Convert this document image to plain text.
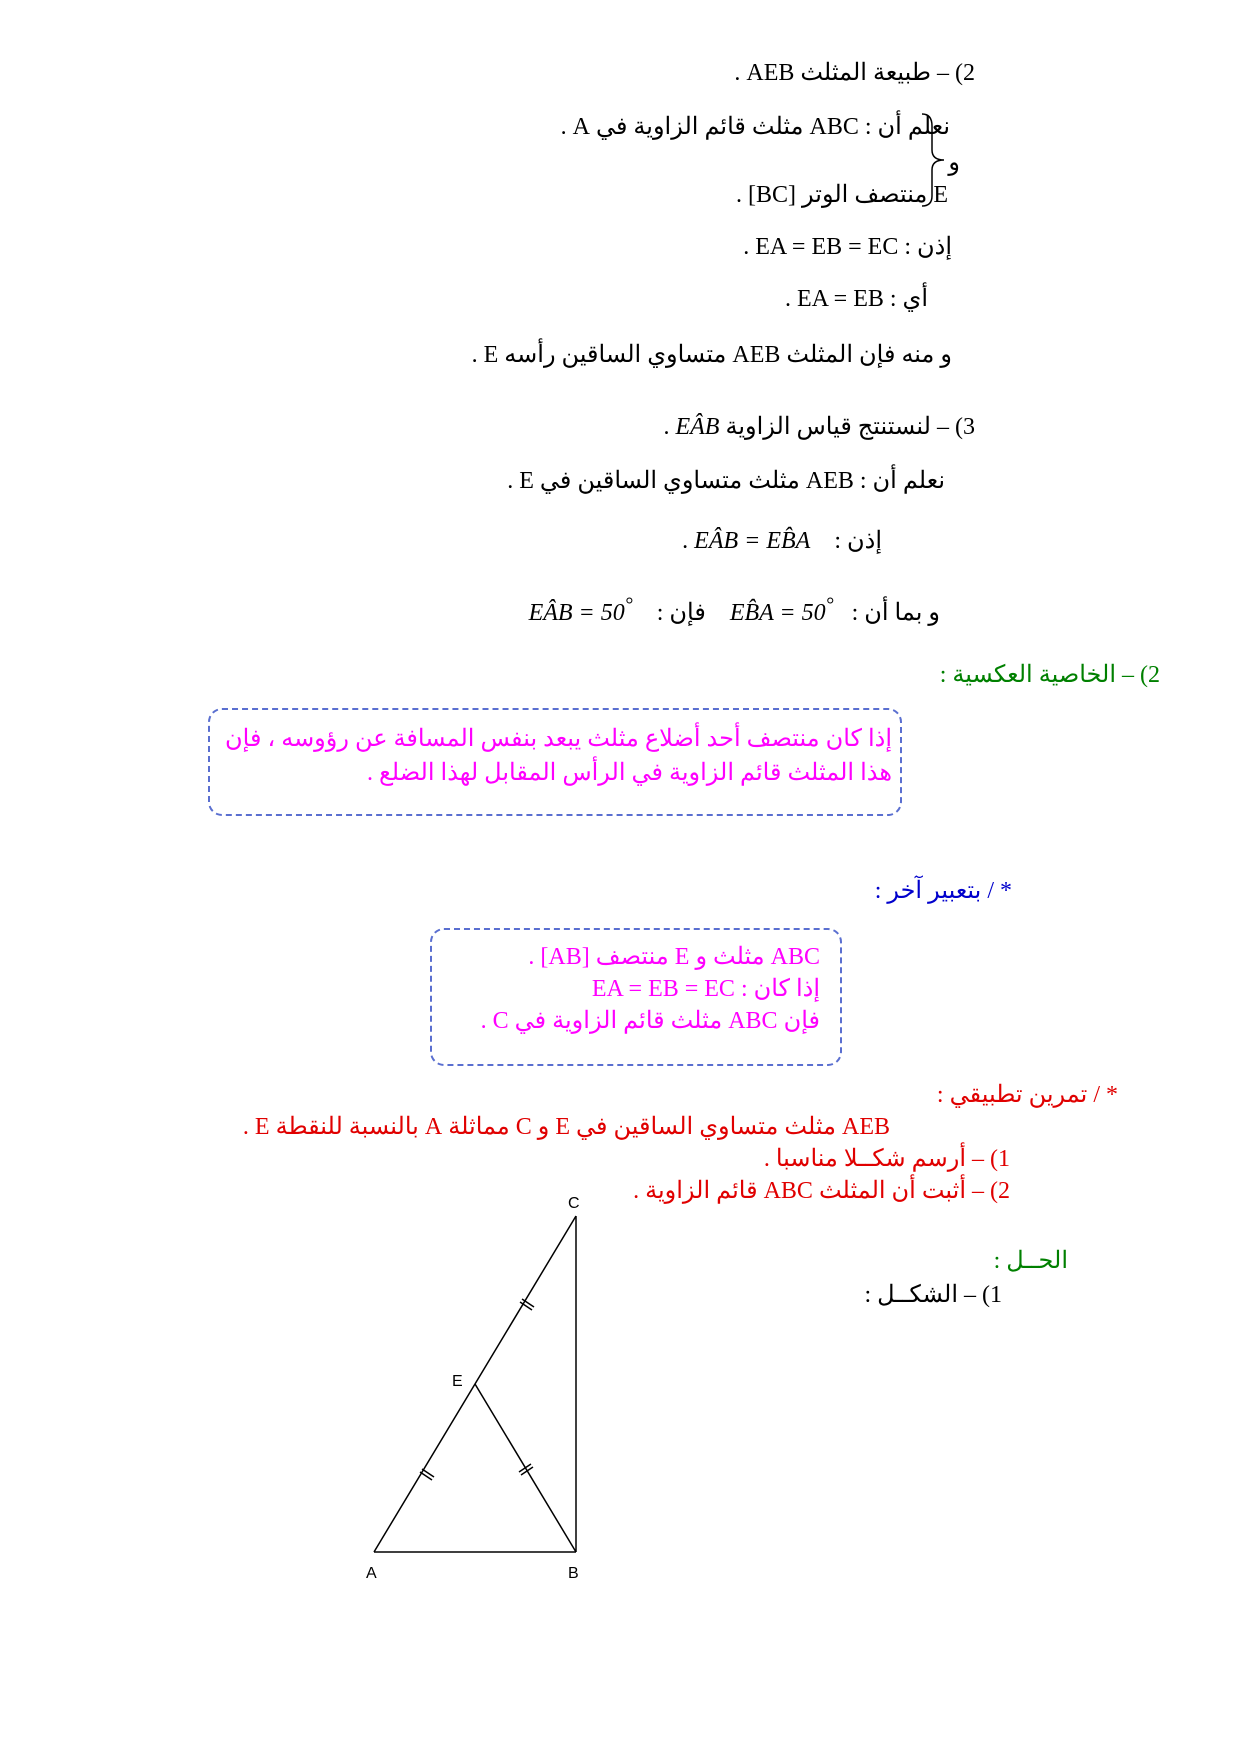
2) – طبيعة المثلث AEB .
نعلم أن : ABC مثلث قائم الزاوية في A .
و
E منتصف الوتر [BC] .
إذن : EA = EB = EC .
أي : EA = EB .
و منه فإن المثلث AEB متساوي الساقين رأسه E .
3) – لنستنتج قياس الزاوية EÂB .
نعلم أن : AEB مثلث متساوي الساقين في E .
إذن :    EÂB = EB̂A .
و بما أن :   EB̂A = 50°    فإن :    EÂB = 50°
2) – الخاصية العكسية :
إذا كان منتصف أحد أضلاع مثلث يبعد بنفس المسافة عن رؤوسه ، فإن
هذا المثلث قائم الزاوية في الرأس المقابل لهذا الضلع .
* / بتعبير آخر :
ABC مثلث و E منتصف [AB] .
إذا كان : EA = EB = EC
فإن ABC مثلث قائم الزاوية في C .
* / تمرين تطبيقي :
AEB مثلث متساوي الساقين في E و C مماثلة A بالنسبة للنقطة E .
1) – أرسم شكــلا مناسبا .
2) – أثبت أن المثلث ABC قائم الزاوية .
الحــل :
1) – الشكــل :
A	B
C
E
